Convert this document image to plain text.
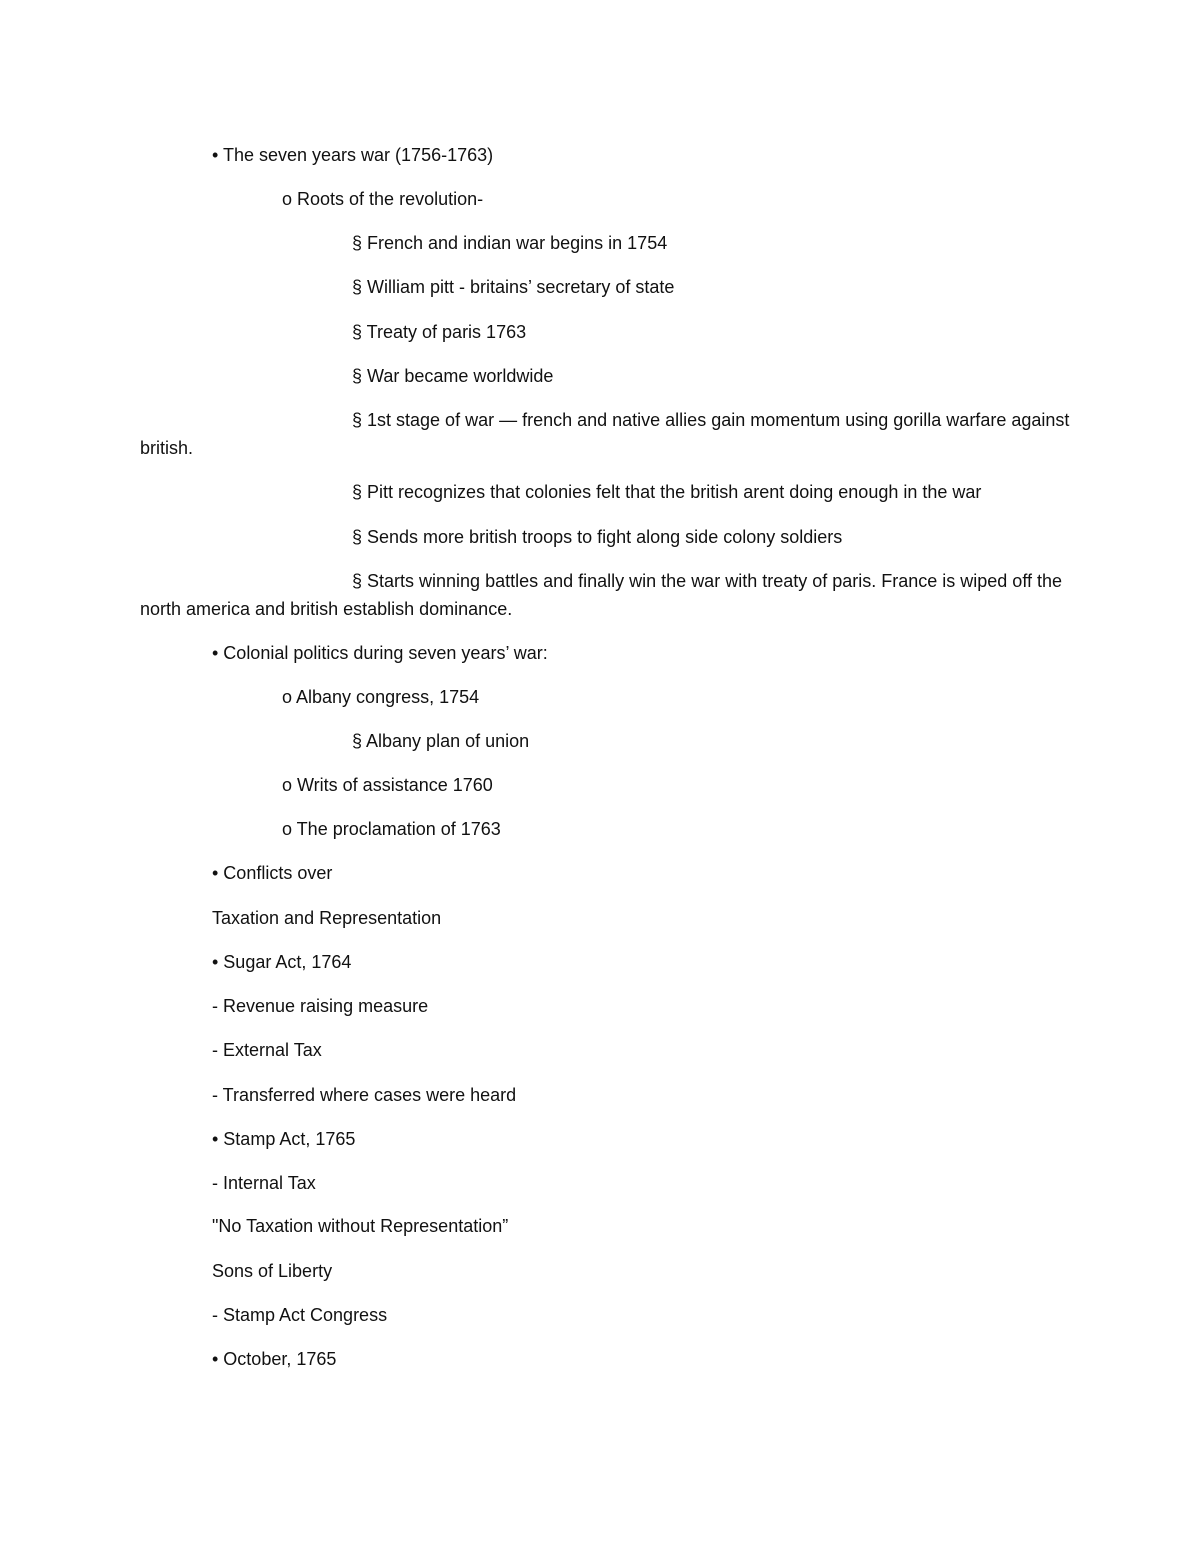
• The seven years war (1756-1763)
o Roots of the revolution-
§ French and indian war begins in 1754
§ William pitt - britains’ secretary of state
§ Treaty of paris 1763
§ War became worldwide
§ 1st stage of war — french and native allies gain momentum using gorilla warfare against british.
§ Pitt recognizes that colonies felt that the british arent doing enough in the war
§ Sends more british troops to fight along side colony soldiers
§ Starts winning battles and finally win the war with treaty of paris. France is wiped off the north america and british establish dominance.
• Colonial politics during seven years’ war:
o Albany congress, 1754
§ Albany plan of union
o Writs of assistance 1760
o The proclamation of 1763
• Conflicts over
Taxation and Representation
• Sugar Act, 1764
- Revenue raising measure
- External Tax
- Transferred where cases were heard
• Stamp Act, 1765
- Internal Tax
"No Taxation without Representation”
Sons of Liberty
- Stamp Act Congress
• October, 1765
